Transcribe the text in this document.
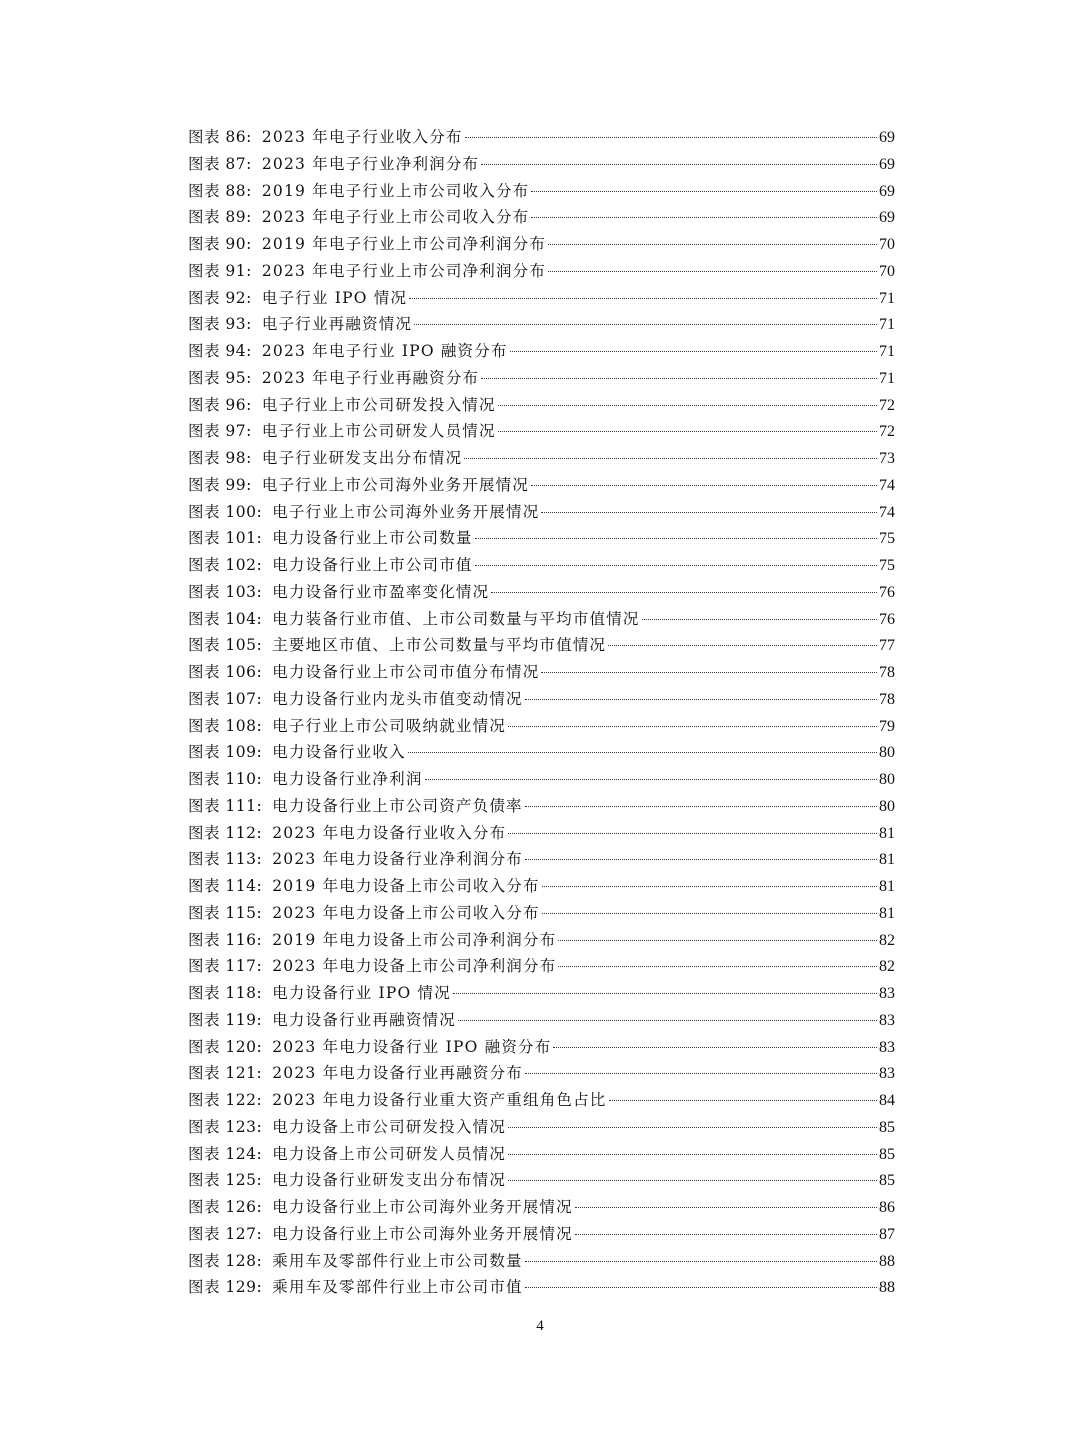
图表 86: 2023 年电子行业收入分布	69
图表 87: 2023 年电子行业净利润分布	69
图表 88: 2019 年电子行业上市公司收入分布	69
图表 89: 2023 年电子行业上市公司收入分布	69
图表 90: 2019 年电子行业上市公司净利润分布	70
图表 91: 2023 年电子行业上市公司净利润分布	70
图表 92: 电子行业 IPO 情况	71
图表 93: 电子行业再融资情况	71
图表 94: 2023 年电子行业 IPO 融资分布	71
图表 95: 2023 年电子行业再融资分布	71
图表 96: 电子行业上市公司研发投入情况	72
图表 97: 电子行业上市公司研发人员情况	72
图表 98: 电子行业研发支出分布情况	73
图表 99: 电子行业上市公司海外业务开展情况	74
图表 100: 电子行业上市公司海外业务开展情况	74
图表 101: 电力设备行业上市公司数量	75
图表 102: 电力设备行业上市公司市值	75
图表 103: 电力设备行业市盈率变化情况	76
图表 104: 电力装备行业市值、上市公司数量与平均市值情况	76
图表 105: 主要地区市值、上市公司数量与平均市值情况	77
图表 106: 电力设备行业上市公司市值分布情况	78
图表 107: 电力设备行业内龙头市值变动情况	78
图表 108: 电子行业上市公司吸纳就业情况	79
图表 109: 电力设备行业收入	80
图表 110: 电力设备行业净利润	80
图表 111: 电力设备行业上市公司资产负债率	80
图表 112: 2023 年电力设备行业收入分布	81
图表 113: 2023 年电力设备行业净利润分布	81
图表 114: 2019 年电力设备上市公司收入分布	81
图表 115: 2023 年电力设备上市公司收入分布	81
图表 116: 2019 年电力设备上市公司净利润分布	82
图表 117: 2023 年电力设备上市公司净利润分布	82
图表 118: 电力设备行业 IPO 情况	83
图表 119: 电力设备行业再融资情况	83
图表 120: 2023 年电力设备行业 IPO 融资分布	83
图表 121: 2023 年电力设备行业再融资分布	83
图表 122: 2023 年电力设备行业重大资产重组角色占比	84
图表 123: 电力设备上市公司研发投入情况	85
图表 124: 电力设备上市公司研发人员情况	85
图表 125: 电力设备行业研发支出分布情况	85
图表 126: 电力设备行业上市公司海外业务开展情况	86
图表 127: 电力设备行业上市公司海外业务开展情况	87
图表 128: 乘用车及零部件行业上市公司数量	88
图表 129: 乘用车及零部件行业上市公司市值	88
4
